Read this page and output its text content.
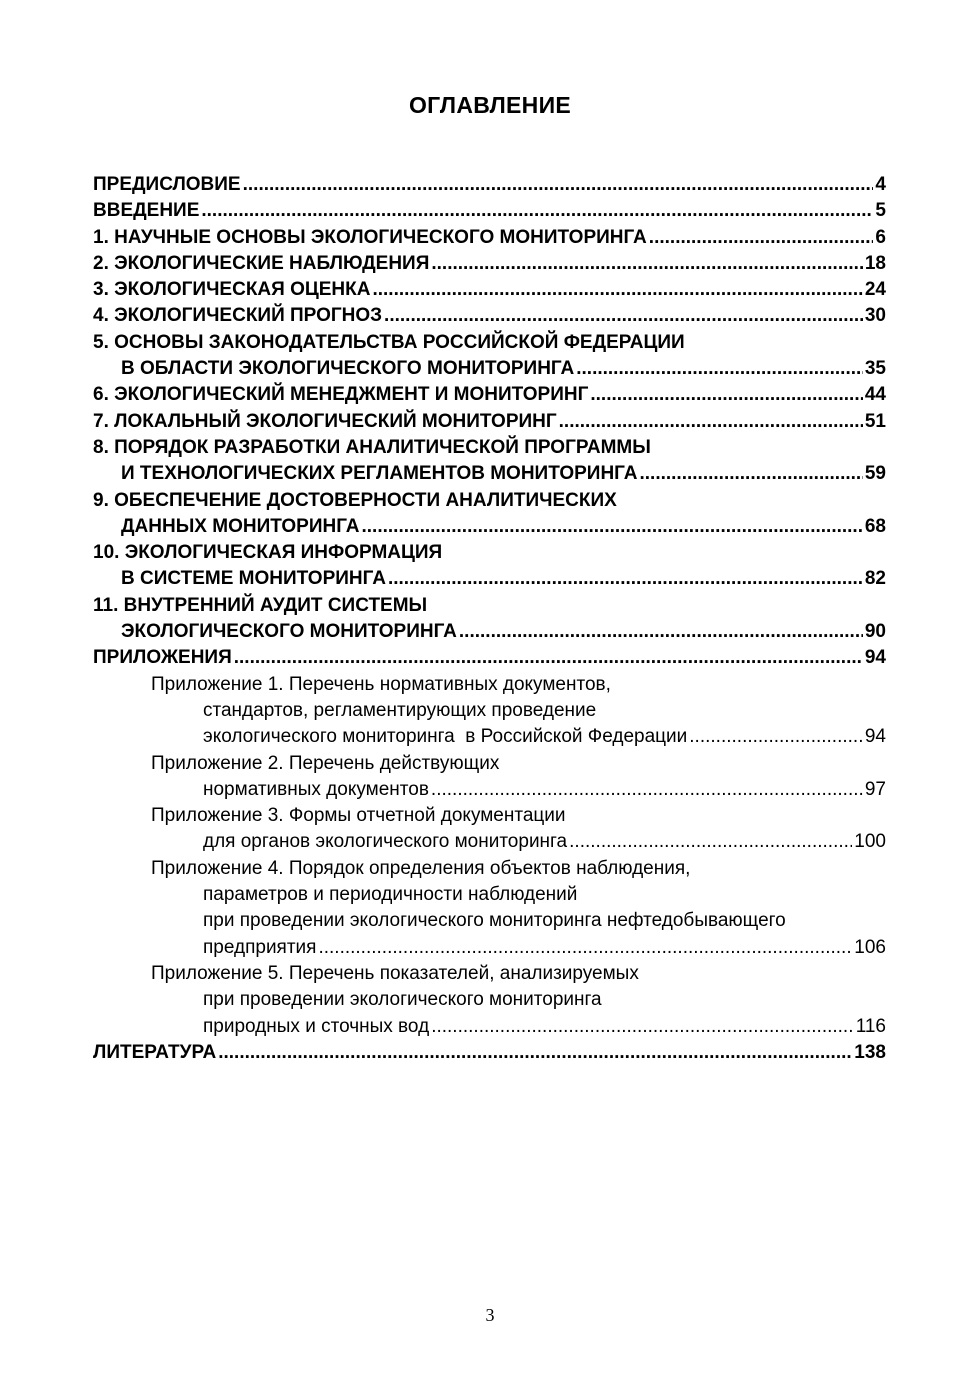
ОГЛАВЛЕНИЕ
ПРЕДИСЛОВИЕ .....	4
ВВЕДЕНИЕ .....	5
1. НАУЧНЫЕ ОСНОВЫ ЭКОЛОГИЧЕСКОГО МОНИТОРИНГА .....	6
2. ЭКОЛОГИЧЕСКИЕ НАБЛЮДЕНИЯ .....	18
3. ЭКОЛОГИЧЕСКАЯ ОЦЕНКА .....	24
4. ЭКОЛОГИЧЕСКИЙ ПРОГНОЗ .....	30
5. ОСНОВЫ ЗАКОНОДАТЕЛЬСТВА РОССИЙСКОЙ ФЕДЕРАЦИИ
В ОБЛАСТИ ЭКОЛОГИЧЕСКОГО МОНИТОРИНГА .....	35
6. ЭКОЛОГИЧЕСКИЙ МЕНЕДЖМЕНТ И МОНИТОРИНГ .....	44
7. ЛОКАЛЬНЫЙ ЭКОЛОГИЧЕСКИЙ МОНИТОРИНГ .....	51
8. ПОРЯДОК РАЗРАБОТКИ АНАЛИТИЧЕСКОЙ ПРОГРАММЫ
И ТЕХНОЛОГИЧЕСКИХ РЕГЛАМЕНТОВ МОНИТОРИНГА .....	59
9. ОБЕСПЕЧЕНИЕ ДОСТОВЕРНОСТИ АНАЛИТИЧЕСКИХ
ДАННЫХ МОНИТОРИНГА .....	68
10. ЭКОЛОГИЧЕСКАЯ ИНФОРМАЦИЯ
В СИСТЕМЕ МОНИТОРИНГА .....	82
11. ВНУТРЕННИЙ АУДИТ СИСТЕМЫ
ЭКОЛОГИЧЕСКОГО МОНИТОРИНГА .....	90
ПРИЛОЖЕНИЯ .....	94
Приложение 1. Перечень нормативных документов,
стандартов, регламентирующих проведение
экологического мониторинга  в Российской Федерации .....	94
Приложение 2. Перечень действующих
нормативных документов .....	97
Приложение 3. Формы отчетной документации
для органов экологического мониторинга .....	100
Приложение 4. Порядок определения объектов наблюдения,
параметров и периодичности наблюдений
при проведении экологического мониторинга нефтедобывающего
предприятия .....	106
Приложение 5. Перечень показателей, анализируемых
при проведении экологического мониторинга
природных и сточных вод .....	116
ЛИТЕРАТУРА .....	138
3
